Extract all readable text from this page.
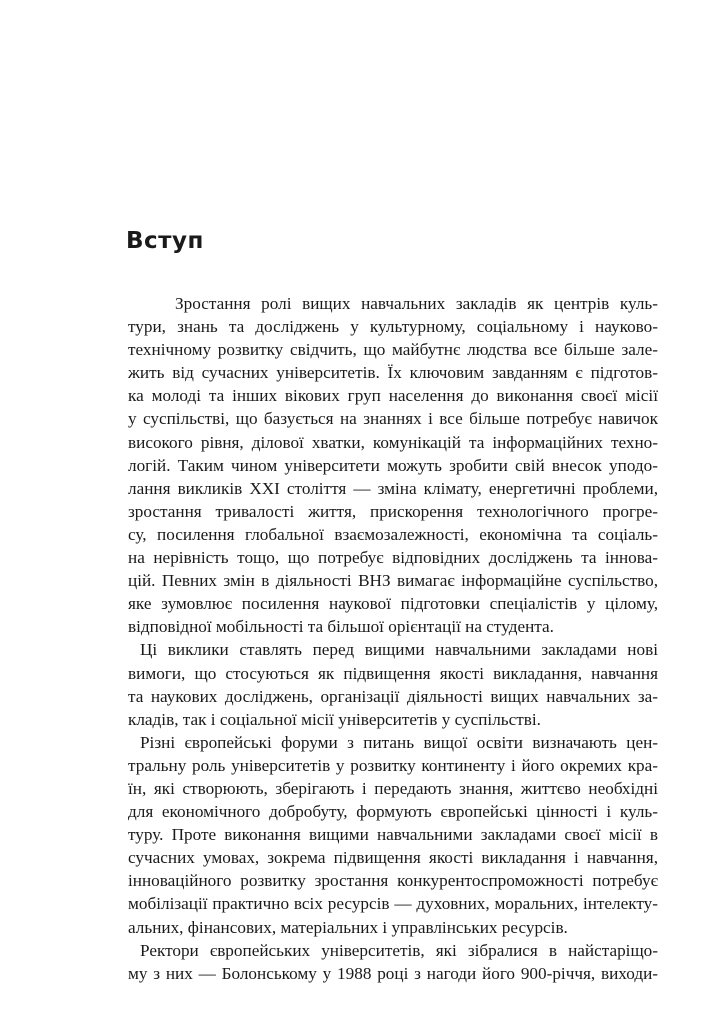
Вступ
Зростання ролі вищих навчальних закладів як центрів куль-
тури, знань та досліджень у культурному, соціальному і науково-
технічному розвитку свідчить, що майбутнє людства все більше зале-
жить від сучасних університетів. Їх ключовим завданням є підготов-
ка молоді та інших вікових груп населення до виконання своєї місії
у суспільстві, що базується на знаннях і все більше потребує навичок
високого рівня, ділової хватки, комунікацій та інформаційних техно-
логій. Таким чином університети можуть зробити свій внесок уподо-
лання викликів XXI століття — зміна клімату, енергетичні проблеми,
зростання тривалості життя, прискорення технологічного прогре-
су, посилення глобальної взаємозалежності, економічна та соціаль-
на нерівність тощо, що потребує відповідних досліджень та іннова-
цій. Певних змін в діяльності ВНЗ вимагає інформаційне суспільство,
яке зумовлює посилення наукової підготовки спеціалістів у цілому,
відповідної мобільності та більшої орієнтації на студента.
Ці виклики ставлять перед вищими навчальними закладами нові
вимоги, що стосуються як підвищення якості викладання, навчання
та наукових досліджень, організації діяльності вищих навчальних за-
кладів, так і соціальної місії університетів у суспільстві.
Різні європейські форуми з питань вищої освіти визначають цен-
тральну роль університетів у розвитку континенту і його окремих кра-
їн, які створюють, зберігають і передають знання, життєво необхідні
для економічного добробуту, формують європейські цінності і куль-
туру. Проте виконання вищими навчальними закладами своєї місії в
сучасних умовах, зокрема підвищення якості викладання і навчання,
інноваційного розвитку зростання конкурентоспроможності потребує
мобілізації практично всіх ресурсів — духовних, моральних, інтелекту-
альних, фінансових, матеріальних і управлінських ресурсів.
Ректори європейських університетів, які зібралися в найстаріщо-
му з них — Болонському у 1988 році з нагоди його 900-річчя, виходи-
